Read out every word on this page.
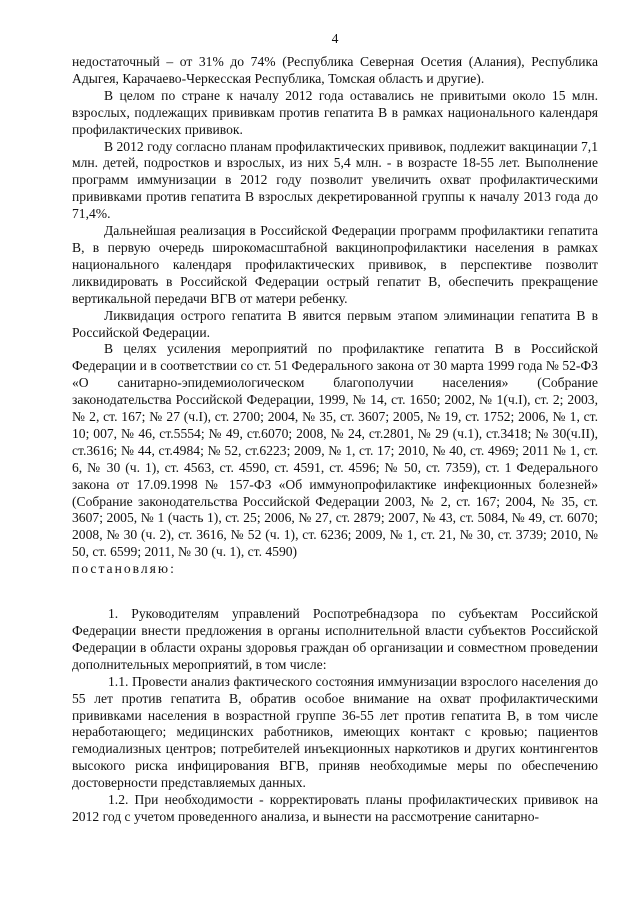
4

недостаточный – от 31% до 74% (Республика Северная Осетия (Алания), Республика Адыгея, Карачаево-Черкесская Республика, Томская область и другие).

В целом по стране к началу 2012 года оставались не привитыми около 15 млн. взрослых, подлежащих прививкам против гепатита В в рамках национального календаря профилактических прививок.

В 2012 году согласно планам профилактических прививок, подлежит вакцинации 7,1 млн. детей, подростков и взрослых, из них 5,4 млн. - в возрасте 18-55 лет. Выполнение программ иммунизации в 2012 году позволит увеличить охват профилактическими прививками против гепатита В взрослых декретированной группы к началу 2013 года до 71,4%.

Дальнейшая реализация в Российской Федерации программ профилактики гепатита В, в первую очередь широкомасштабной вакцинопрофилактики населения в рамках национального календаря профилактических прививок, в перспективе позволит ликвидировать в Российской Федерации острый гепатит В, обеспечить прекращение вертикальной передачи ВГВ от матери ребенку.

Ликвидация острого гепатита В явится первым этапом элиминации гепатита В в Российской Федерации.

В целях усиления мероприятий по профилактике гепатита В в Российской Федерации и в соответствии со ст. 51 Федерального закона от 30 марта 1999 года № 52-ФЗ «О санитарно-эпидемиологическом благополучии населения» (Собрание законодательства Российской Федерации, 1999, № 14, ст. 1650; 2002, № 1(ч.I), ст. 2; 2003, № 2, ст. 167; № 27 (ч.I), ст. 2700; 2004, № 35, ст. 3607; 2005, № 19, ст. 1752; 2006, № 1, ст. 10; 007, № 46, ст.5554; № 49, ст.6070; 2008, № 24, ст.2801, № 29 (ч.1), ст.3418; № 30(ч.II), ст.3616; № 44, ст.4984; № 52, ст.6223; 2009, № 1, ст. 17; 2010, № 40, ст. 4969; 2011 № 1, ст. 6, № 30 (ч. 1), ст. 4563, ст. 4590, ст. 4591, ст. 4596; № 50, ст. 7359), ст. 1 Федерального закона от 17.09.1998 № 157-ФЗ «Об иммунопрофилактике инфекционных болезней» (Собрание законодательства Российской Федерации 2003, № 2, ст. 167; 2004, № 35, ст. 3607; 2005, № 1 (часть 1), ст. 25; 2006, № 27, ст. 2879; 2007, № 43, ст. 5084, № 49, ст. 6070; 2008, № 30 (ч. 2), ст. 3616, № 52 (ч. 1), ст. 6236; 2009, № 1, ст. 21, № 30, ст. 3739; 2010, № 50, ст. 6599; 2011, № 30 (ч. 1), ст. 4590)

постановляю:

1. Руководителям управлений Роспотребнадзора по субъектам Российской Федерации внести предложения в органы исполнительной власти субъектов Российской Федерации в области охраны здоровья граждан об организации и совместном проведении дополнительных мероприятий, в том числе:

1.1. Провести анализ фактического состояния иммунизации взрослого населения до 55 лет против гепатита В, обратив особое внимание на охват профилактическими прививками населения в возрастной группе 36-55 лет против гепатита В, в том числе неработающего; медицинских работников, имеющих контакт с кровью; пациентов гемодиализных центров; потребителей инъекционных наркотиков и других контингентов высокого риска инфицирования ВГВ, приняв необходимые меры по обеспечению достоверности представляемых данных.

1.2. При необходимости - корректировать планы профилактических прививок на 2012 год с учетом проведенного анализа, и вынести на рассмотрение санитарно-
